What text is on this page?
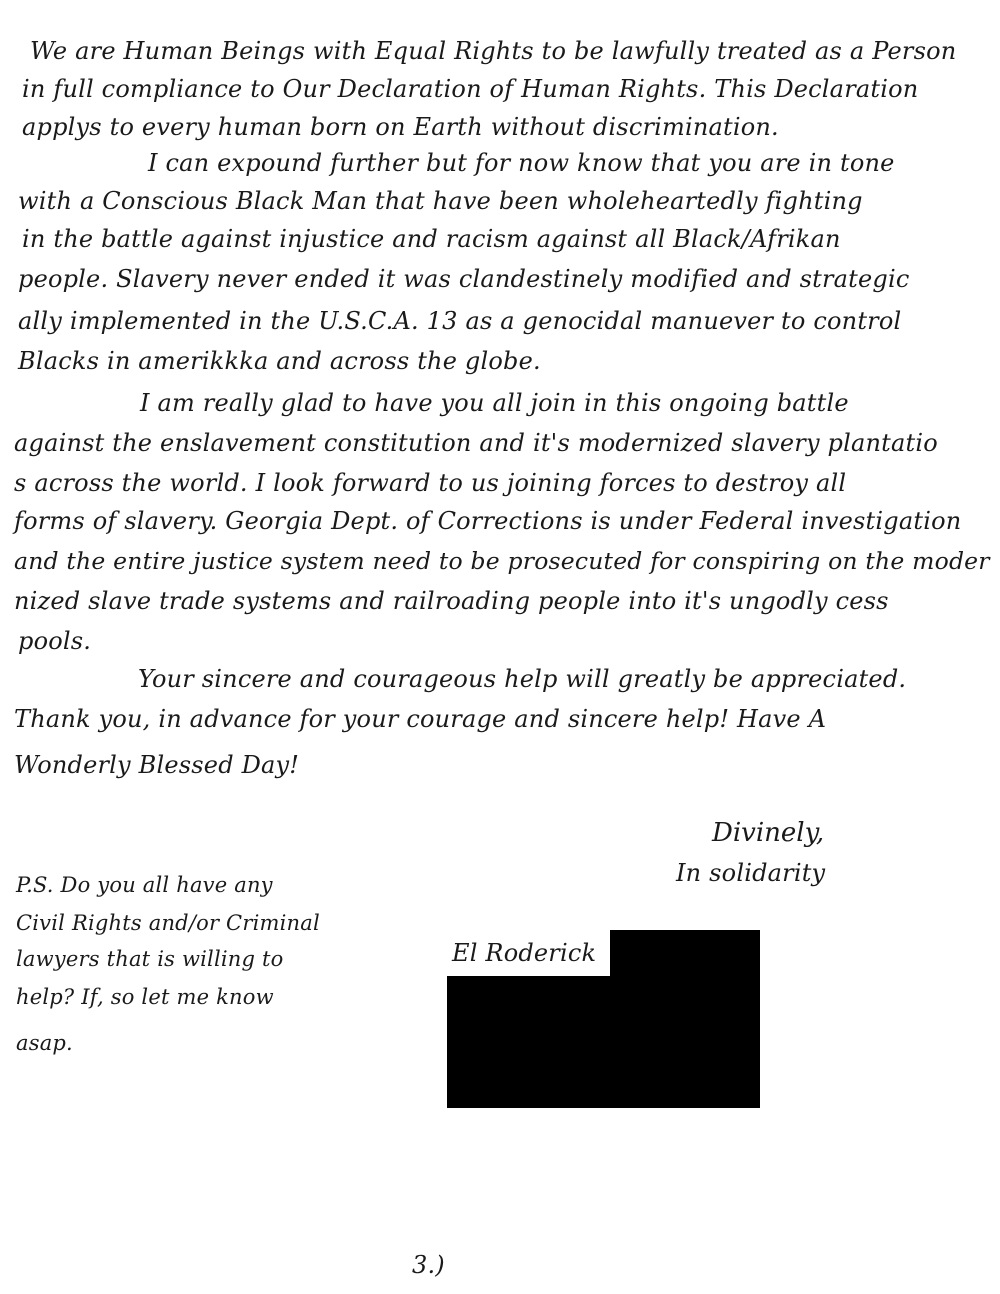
We are Human Beings with Equal Rights to be lawfully treated as a Person
in full compliance to Our Declaration of Human Rights. This Declaration
applys to every human born on Earth without discrimination.
I can expound further but for now know that you are in tone
with a Conscious Black Man that have been wholeheartedly fighting
in the battle against injustice and racism against all Black/Afrikan
people. Slavery never ended it was clandestinely modified and strategic
ally implemented in the U.S.C.A. 13 as a genocidal manuever to control
Blacks in amerikkka and across the globe.
I am really glad to have you all join in this ongoing battle
against the enslavement constitution and it's modernized slavery plantatio
s across the world. I look forward to us joining forces to destroy all
forms of slavery. Georgia Dept. of Corrections is under Federal investigation
and the entire justice system need to be prosecuted for conspiring on the moder
nized slave trade systems and railroading people into it's ungodly cess
pools.
Your sincere and courageous help will greatly be appreciated.
Thank you, in advance for your courage and sincere help! Have A
Wonderly Blessed Day!
Divinely,
In solidarity
P.S. Do you all have any
Civil Rights and/or Criminal
lawyers that is willing to
help? If, so let me know
asap.
El Roderick
3.)
